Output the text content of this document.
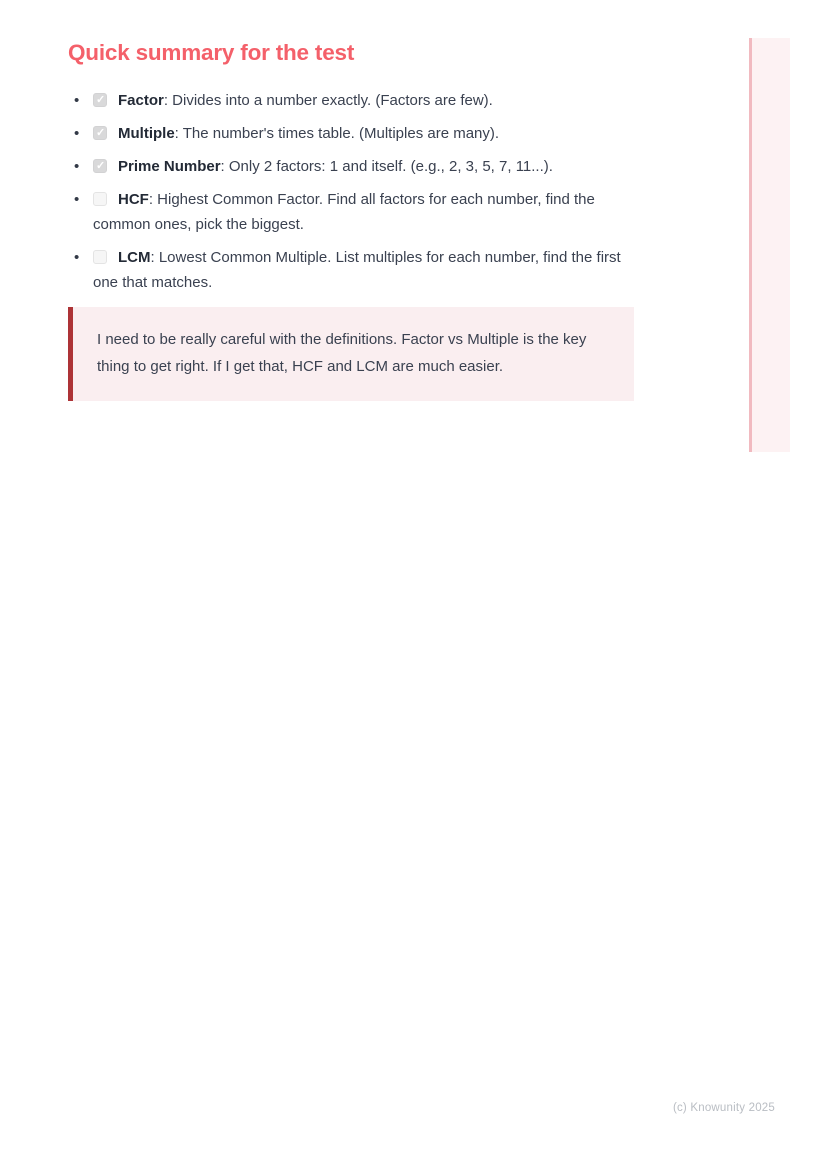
Quick summary for the test
• ✓	Factor: Divides into a number exactly. (Factors are few).
• ✓	Multiple: The number's times table. (Multiples are many).
• ✓	Prime Number: Only 2 factors: 1 and itself. (e.g., 2, 3, 5, 7, 11...).
•	HCF: Highest Common Factor. Find all factors for each number, find the common ones, pick the biggest.
•	LCM: Lowest Common Multiple. List multiples for each number, find the first one that matches.

I need to be really careful with the definitions. Factor vs Multiple is the key thing to get right. If I get that, HCF and LCM are much easier.

(c) Knowunity 2025
